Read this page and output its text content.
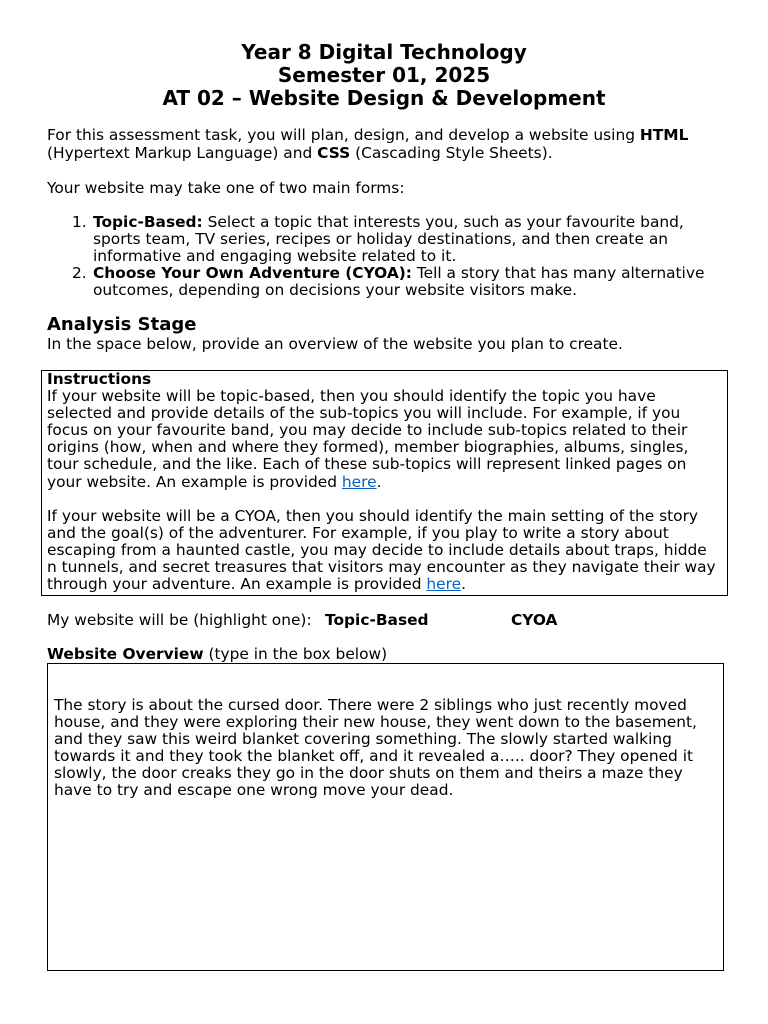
Year 8 Digital Technology
Semester 01, 2025
AT 02 – Website Design & Development
For this assessment task, you will plan, design, and develop a website using HTML
(Hypertext Markup Language) and CSS (Cascading Style Sheets).
Your website may take one of two main forms:
1. Topic-Based: Select a topic that interests you, such as your favourite band,
sports team, TV series, recipes or holiday destinations, and then create an
informative and engaging website related to it.
2. Choose Your Own Adventure (CYOA): Tell a story that has many alternative
outcomes, depending on decisions your website visitors make.
Analysis Stage
In the space below, provide an overview of the website you plan to create.
Instructions
If your website will be topic-based, then you should identify the topic you have
selected and provide details of the sub-topics you will include. For example, if you
focus on your favourite band, you may decide to include sub-topics related to their
origins (how, when and where they formed), member biographies, albums, singles,
tour schedule, and the like. Each of these sub-topics will represent linked pages on
your website. An example is provided here.
If your website will be a CYOA, then you should identify the main setting of the story
and the goal(s) of the adventurer. For example, if you play to write a story about
escaping from a haunted castle, you may decide to include details about traps, hidde
n tunnels, and secret treasures that visitors may encounter as they navigate their way
through your adventure. An example is provided here.
My website will be (highlight one): Topic-Based	CYOA
Website Overview (type in the box below)
The story is about the cursed door. There were 2 siblings who just recently moved
house, and they were exploring their new house, they went down to the basement,
and they saw this weird blanket covering something. The slowly started walking
towards it and they took the blanket off, and it revealed a….. door? They opened it
slowly, the door creaks they go in the door shuts on them and theirs a maze they
have to try and escape one wrong move your dead.
